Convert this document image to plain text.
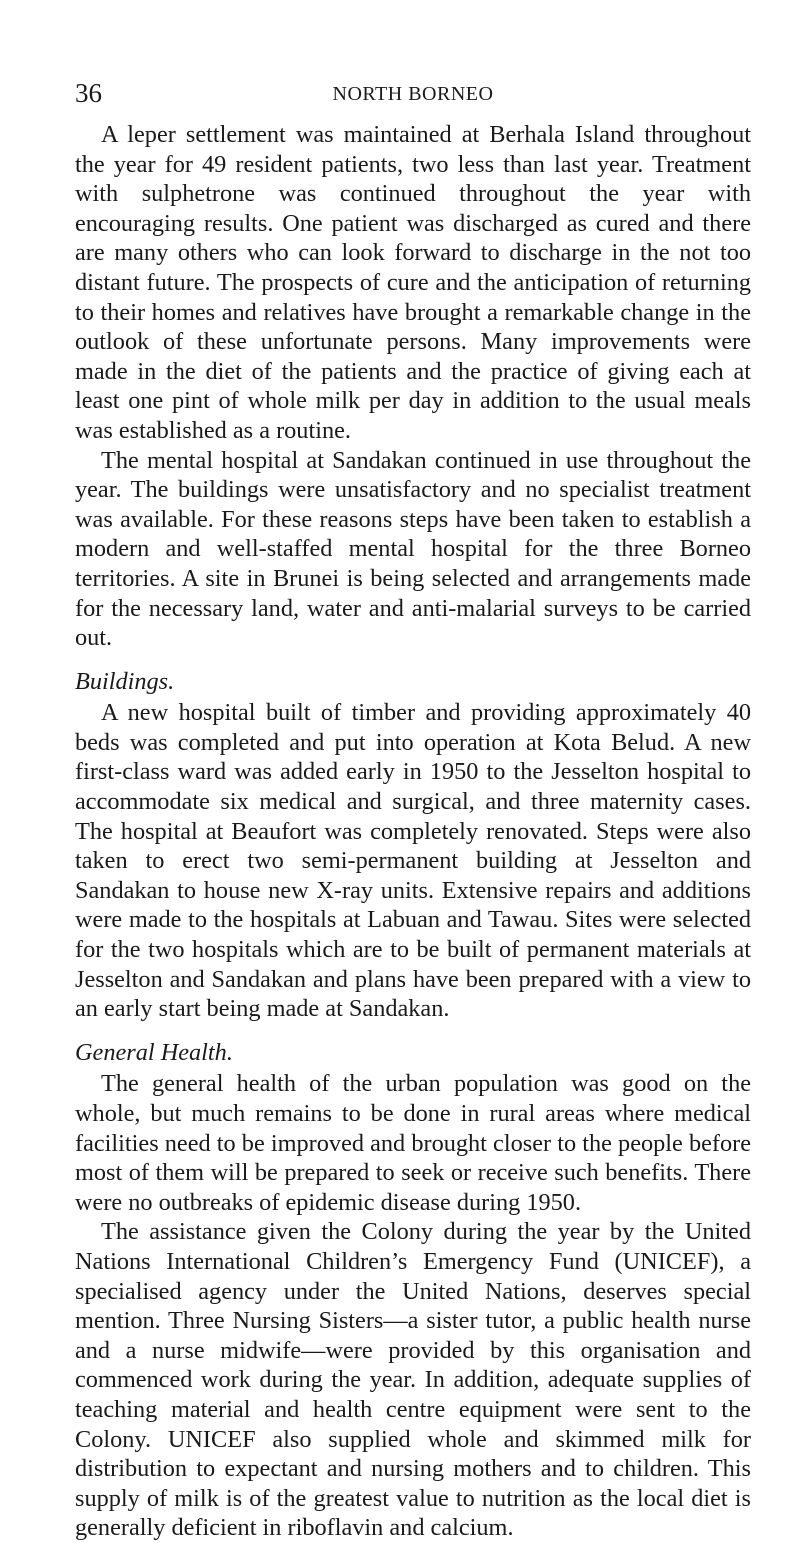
36	NORTH BORNEO

A leper settlement was maintained at Berhala Island throughout the year for 49 resident patients, two less than last year. Treatment with sulphetrone was continued throughout the year with encouraging results. One patient was discharged as cured and there are many others who can look forward to discharge in the not too distant future. The prospects of cure and the anticipation of returning to their homes and relatives have brought a remarkable change in the outlook of these unfortunate persons. Many improvements were made in the diet of the patients and the practice of giving each at least one pint of whole milk per day in addition to the usual meals was established as a routine.

The mental hospital at Sandakan continued in use throughout the year. The buildings were unsatisfactory and no specialist treatment was available. For these reasons steps have been taken to establish a modern and well-staffed mental hospital for the three Borneo territories. A site in Brunei is being selected and arrangements made for the necessary land, water and anti-malarial surveys to be carried out.

Buildings.

A new hospital built of timber and providing approximately 40 beds was completed and put into operation at Kota Belud. A new first-class ward was added early in 1950 to the Jesselton hospital to accommodate six medical and surgical, and three maternity cases. The hospital at Beaufort was completely renovated. Steps were also taken to erect two semi-permanent building at Jesselton and Sandakan to house new X-ray units. Extensive repairs and additions were made to the hospitals at Labuan and Tawau. Sites were selected for the two hospitals which are to be built of permanent materials at Jesselton and Sandakan and plans have been prepared with a view to an early start being made at Sandakan.

General Health.

The general health of the urban population was good on the whole, but much remains to be done in rural areas where medical facilities need to be improved and brought closer to the people before most of them will be prepared to seek or receive such benefits. There were no outbreaks of epidemic disease during 1950.

The assistance given the Colony during the year by the United Nations International Children’s Emergency Fund (UNICEF), a specialised agency under the United Nations, deserves special mention. Three Nursing Sisters—a sister tutor, a public health nurse and a nurse midwife—were provided by this organisation and commenced work during the year. In addition, adequate supplies of teaching material and health centre equipment were sent to the Colony. UNICEF also supplied whole and skimmed milk for distribution to expectant and nursing mothers and to children. This supply of milk is of the greatest value to nutrition as the local diet is generally deficient in riboflavin and calcium.
